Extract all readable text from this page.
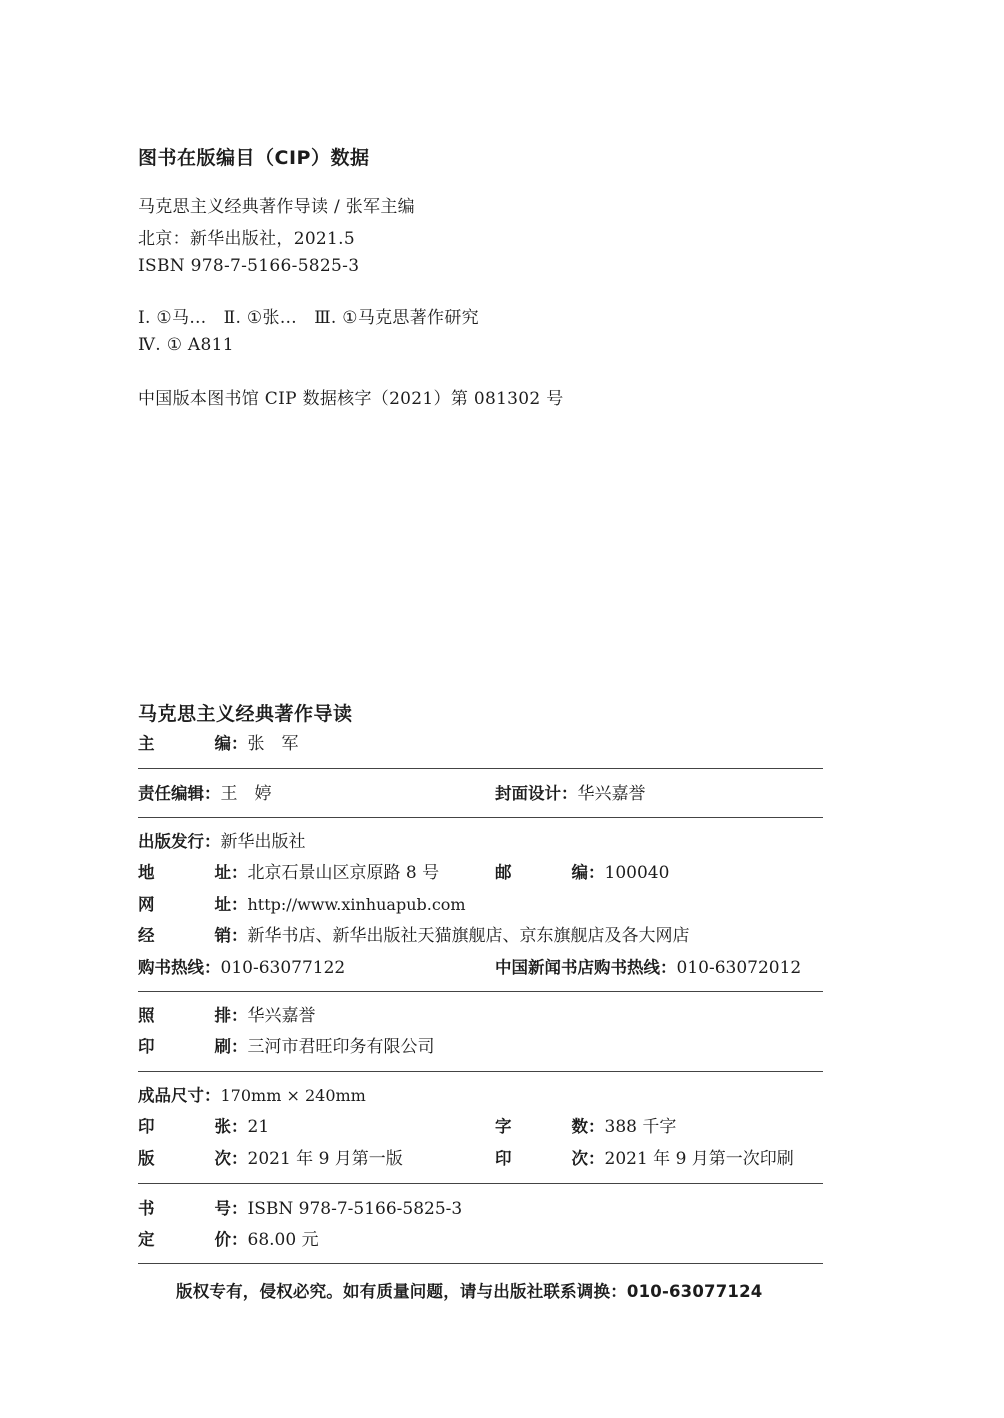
图书在版编目（CIP）数据
马克思主义经典著作导读 / 张军主编
北京：新华出版社，2021.5
ISBN 978-7-5166-5825-3
Ⅰ. ①马…   Ⅱ. ①张…   Ⅲ. ①马克思著作研究
Ⅳ. ① A811
中国版本图书馆 CIP 数据核字（2021）第 081302 号
马克思主义经典著作导读
主	编 ：张　军
责任编辑：王　婷	封面设计：华兴嘉誉
出版发行：新华出版社
地	址 ：北京石景山区京原路 8 号	邮	编 ：100040
网	址 ：http://www.xinhuapub.com
经	销 ：新华书店、新华出版社天猫旗舰店、京东旗舰店及各大网店
购书热线：010-63077122	中国新闻书店购书热线：010-63072012
照	排 ：华兴嘉誉
印	刷 ：三河市君旺印务有限公司
成品尺寸：170mm × 240mm
印	张 ：21	字	数 ：388 千字
版	次 ：2021 年 9 月第一版	印	次 ：2021 年 9 月第一次印刷
书	号 ：ISBN 978-7-5166-5825-3
定	价 ：68.00 元
版权专有，侵权必究。如有质量问题，请与出版社联系调换：010-63077124
